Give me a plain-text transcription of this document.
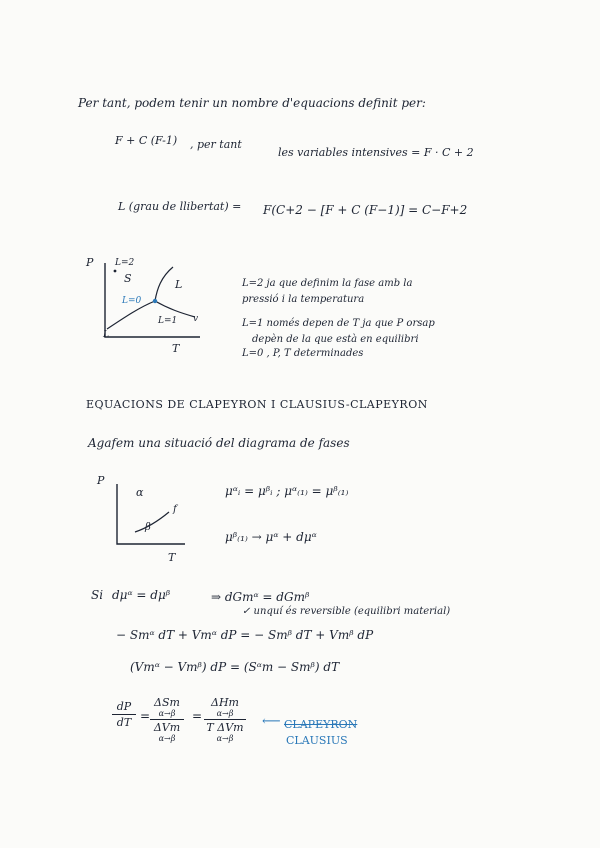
Per tant, podem tenir un nombre d'equacions definit per:
F + C (F-1) , per tant
les variables intensives = F · C + 2
L (grau de llibertat) = F(C+2 − [F + C (F−1)] = C−F+2
P
T
L=2
S	L
L=0
L=1 v
L
L=2 ja que definim la fase amb la
pressió i la temperatura
L=1 només depen de T ja que P orsap
depèn de la que està en equilibri
L=0 , P, T determinades
EQUACIONS DE CLAPEYRON I CLAUSIUS-CLAPEYRON
Agafem una situació del diagrama de fases
P
T
α
f
β
μᵅᵢ = μᵝᵢ ; μᵅ₍₁₎ = μᵝ₍₁₎
μᵝ₍₁₎ → μᵅ + dμᵅ
Si dμᵅ = dμᵝ	⇒ dGmᵅ = dGmᵝ
✓ unquí és reversible (equilibri material)
− Smᵅ dT + Vmᵅ dP = − Smᵝ dT + Vmᵝ dP
(Vmᵅ − Vmᵝ) dP = (Sᵅm − Smᵝ) dT
dP
dT =
ΔSm
α→β
ΔVm
α→β
=
ΔHm
α→β
T ΔVm
α→β
⟵ CLAPEYRON
CLAUSIUS
